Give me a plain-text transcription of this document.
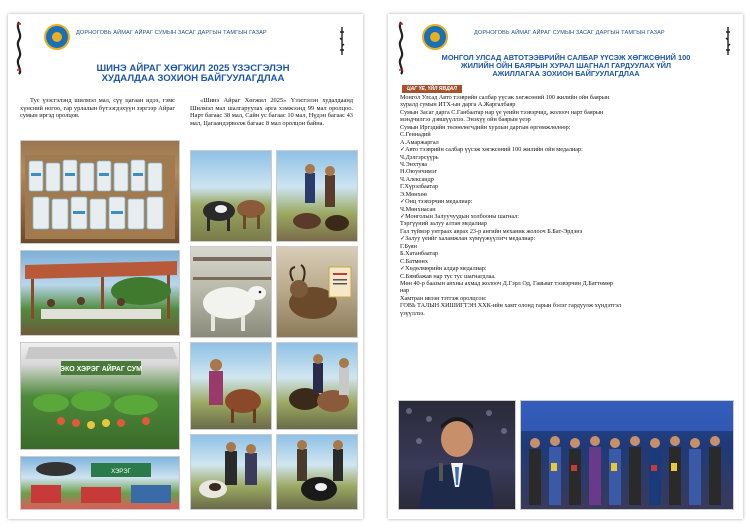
ДОРНОГОВЬ АЙМАГ АЙРАГ СУМЫН ЗАСАГ ДАРГЫН ТАМГЫН ГАЗАР
ШИНЭ АЙРАГ ХӨГЖИЛ 2025 ҮЗЭСГЭЛЭН
ХУДАЛДАА ЗОХИОН БАЙГУУЛАГДЛАА
Тус үзэсгэлэнд шилмэл мал, сүү цагаан идээ, гэмс хүнсний ногоо, гар урлалын бүтээгдэхүүн зэргээр Айраг сумын иргэд оролцов.
«Шинэ Айраг Хөгжил 2025» Үзэсгэлэн худалдаанд Шилмэл мал шалгаруулах арга хэмжээнд 99 мал оролцоо. Нарт багаас 38 мал, Сайн ус багаас 10 мал, Нүдэн багаас 43 мал, Цагаандэрволж багаас 8 мал оролцон байна.
ЭКО ХЭРЭГ АЙРАГ СУМ
ХЭРЭГ
ДОРНОГОВЬ АЙМАГ АЙРАГ СУМЫН ЗАСАГ ДАРГЫН ТАМГЫН ГАЗАР
МОНГОЛ УЛСАД АВТОТЭЭВРИЙН САЛБАР ҮҮСЭЖ ХӨГЖСӨНИЙ 100
ЖИЛИЙН ОЙН БАЯРЫН ХУРАЛ ШАГНАЛ ГАРДУУЛАХ ҮЙЛ
АЖИЛЛАГАА ЗОХИОН БАЙГУУЛАГДЛАА
ЦАГ ҮЕ, ҮЙЛ ЯВДАЛ
Монгол Улсад Авто тээврийн салбар үүсэж хөгжсөний 100 жилийн ойн баярын
хуралд сумын ИТХ-ын дарга А.Жаргалбаяр
Сумын Засаг дарга С.Ганбаатар нар үе үеийн тээвэрчид, жолооч нарт баярын
мэндчилгээ дэвшүүллээ. Энэхүү ойн баярын үеэр
Сумын Иргэдийн төлөөлөгчдийн хурлын даргын өргөмжлөлөөр:
С.Геннадий
А.Амаржаргал
✓Авто тээврийн салбар үүсэж хөгжсөний 100 жилийн ойн медалиар:
Ч.Дэлгэрсүүрь
Ч.Энхтуяа
Н.Оюунчимэг
Ч.Александр
Г.Хүрэлбаатар
Э.Мөнхөө
✓Онц тээвэрчин медалиар:
Ч.Мөнхнасан
✓Монголын Залуучуудын холбооны шагнал:
Тэргүүний залуу алтан медалиар
Гал түймэр унтраах аврах 23-р ангийн механик жолооч Б.Бат-Эрдэнэ
✓Залуу үеийг халамжлан хүмүүжүүлэгч медалиар:
Г.Буян
Б.Хатанбаатар
С.Батмөнх
✓Хөдөлмөрийн алдар медалиар:
С.Бямбажав нар тус тус шагнагдлаа.
Мөн 40-р баазын анхны ахмад жолооч Д.Гэрл Од, Гавьяат тээвэрчин Д.Баттөмөр
нар
Хамтран ивээн тэтгэж оролцсон:
ГОВЬ ТАЛЫН ХИШИГТЭН ХХК-ийн хамт олонд гарын бэлэг гардуулж хүндэтгэл
үзүүллээ.
